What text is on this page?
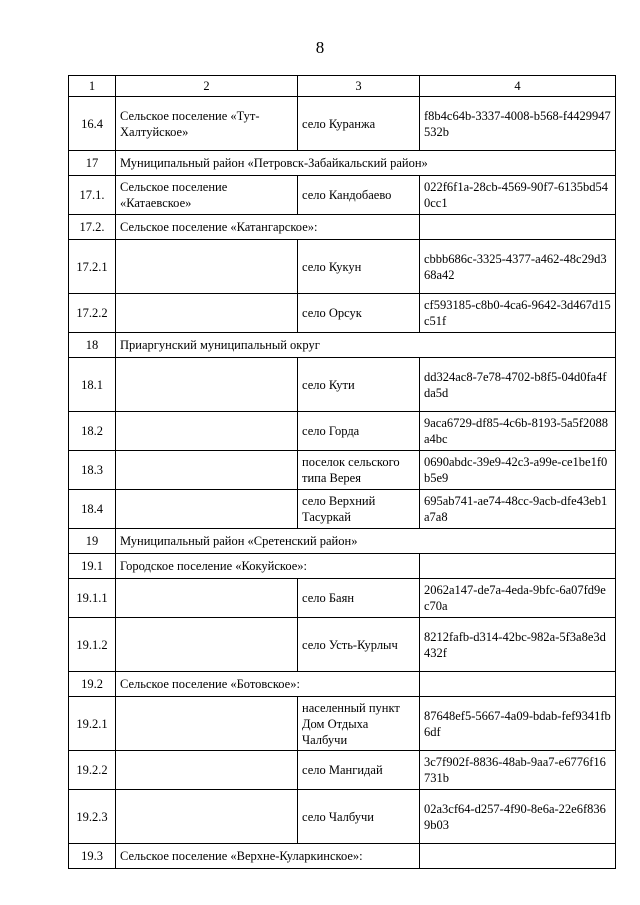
8
1	2	3	4
16.4	Сельское поселение «Тут-Халтуйское»	село Куранжа	f8b4c64b-3337-4008-b568-f4429947532b
17	Муниципальный район «Петровск-Забайкальский район»		
17.1.	Сельское поселение «Катаевское»	село Кандобаево	022f6f1a-28cb-4569-90f7-6135bd540cc1
17.2.	Сельское поселение «Катангарское»:		
17.2.1		село Кукун	cbbb686c-3325-4377-a462-48c29d368a42
17.2.2		село Орсук	cf593185-c8b0-4ca6-9642-3d467d15c51f
18	Приаргунский муниципальный округ		
18.1		село Кути	dd324ac8-7e78-4702-b8f5-04d0fa4fda5d
18.2		село Горда	9aca6729-df85-4c6b-8193-5a5f2088a4bc
18.3		поселок сельского типа Верея	0690abdc-39e9-42c3-a99e-ce1be1f0b5e9
18.4		село Верхний Тасуркай	695ab741-ae74-48cc-9acb-dfe43eb1a7a8
19	Муниципальный район «Сретенский район»		
19.1	Городское поселение «Кокуйское»:		
19.1.1		село Баян	2062a147-de7a-4eda-9bfc-6a07fd9ec70a
19.1.2		село Усть-Курлыч	8212fafb-d314-42bc-982a-5f3a8e3d432f
19.2	Сельское поселение «Ботовское»:		
19.2.1		населенный пункт Дом Отдыха Чалбучи	87648ef5-5667-4a09-bdab-fef9341fb6df
19.2.2		село Мангидай	3c7f902f-8836-48ab-9aa7-e6776f16731b
19.2.3		село Чалбучи	02a3cf64-d257-4f90-8e6a-22e6f8369b03
19.3	Сельское поселение «Верхне-Куларкинское»:		
